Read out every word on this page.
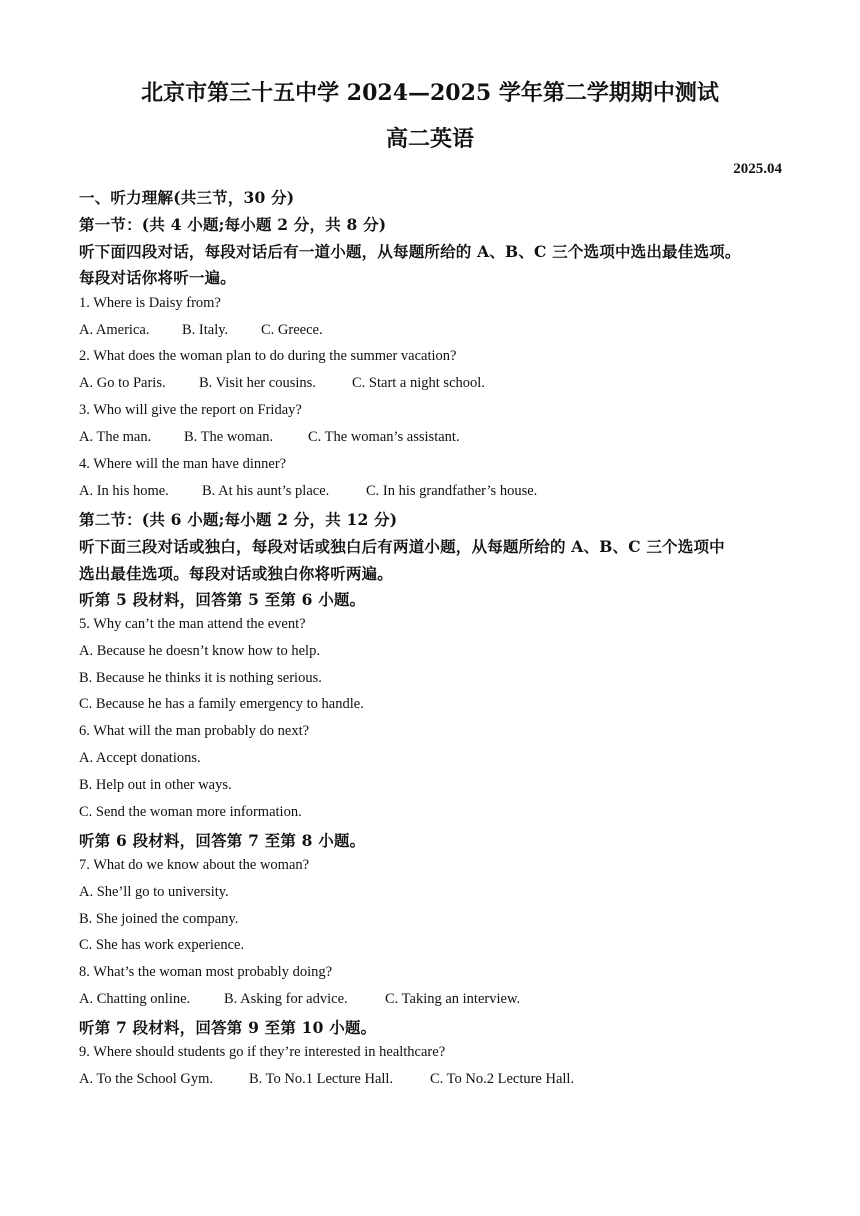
北京市第三十五中学 2024—2025 学年第二学期期中测试
高二英语
2025.04
一、听力理解(共三节，30 分)
第一节：(共 4 小题;每小题 2 分，共 8 分)
听下面四段对话，每段对话后有一道小题，从每题所给的 A、B、C 三个选项中选出最佳选项。
每段对话你将听一遍。
1. Where is Daisy from?
A. America. B. Italy. C. Greece.
2. What does the woman plan to do during the summer vacation?
A. Go to Paris. B. Visit her cousins. C. Start a night school.
3. Who will give the report on Friday?
A. The man. B. The woman. C. The woman’s assistant.
4. Where will the man have dinner?
A. In his home. B. At his aunt’s place.	C. In his grandfather’s house.
第二节：(共 6 小题;每小题 2 分，共 12 分)
听下面三段对话或独白，每段对话或独白后有两道小题，从每题所给的 A、B、C 三个选项中
选出最佳选项。每段对话或独白你将听两遍。
听第 5 段材料，回答第 5 至第 6 小题。
5. Why can’t the man attend the event?
A. Because he doesn’t know how to help.
B. Because he thinks it is nothing serious.
C. Because he has a family emergency to handle.
6. What will the man probably do next?
A. Accept donations.
B. Help out in other ways.
C. Send the woman more information.
听第 6 段材料，回答第 7 至第 8 小题。
7. What do we know about the woman?
A. She’ll go to university.
B. She joined the company.
C. She has work experience.
8. What’s the woman most probably doing?
A. Chatting online. B. Asking for advice.	C. Taking an interview.
听第 7 段材料，回答第 9 至第 10 小题。
9. Where should students go if they’re interested in healthcare?
A. To the School Gym. B. To No.1 Lecture Hall.	C. To No.2 Lecture Hall.
